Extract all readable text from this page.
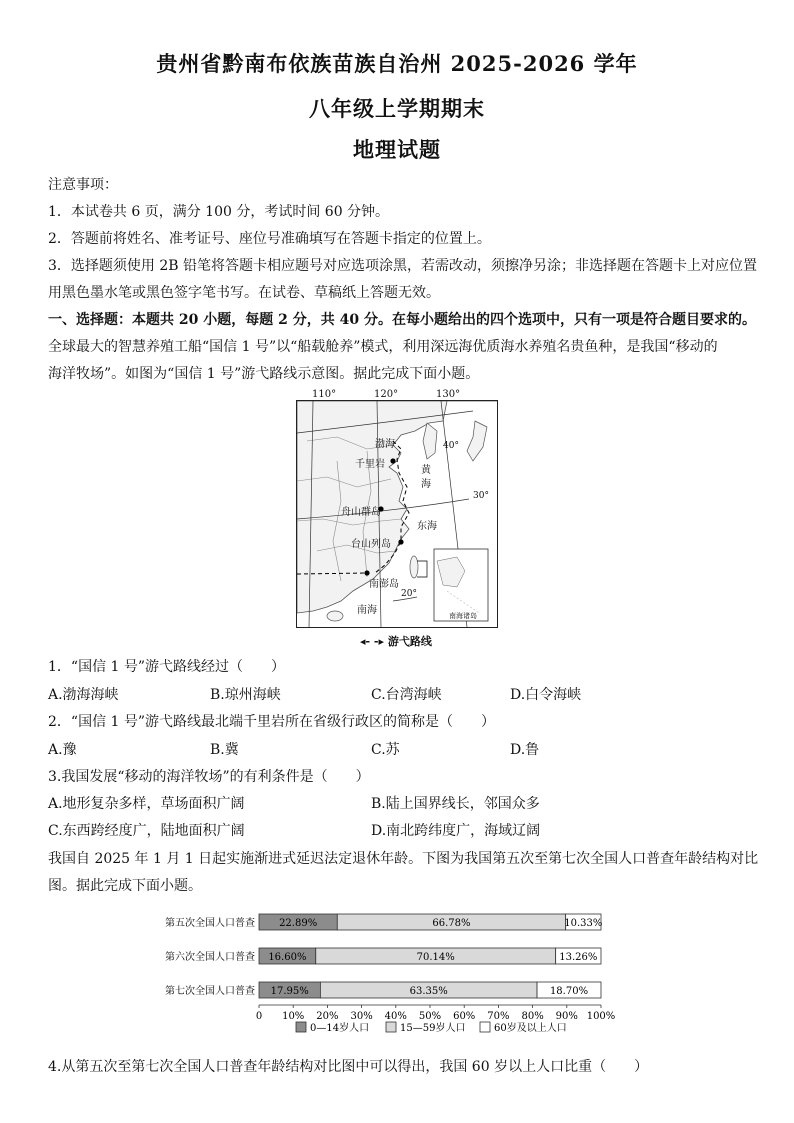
贵州省黔南布依族苗族自治州 2025-2026 学年
八年级上学期期末
地理试题
注意事项：
1．本试卷共 6 页，满分 100 分，考试时间 60 分钟。
2．答题前将姓名、准考证号、座位号准确填写在答题卡指定的位置上。
3．选择题须使用 2B 铅笔将答题卡相应题号对应选项涂黑，若需改动，须擦净另涂；非选择题在答题卡上对应位置
用黑色墨水笔或黑色签字笔书写。在试卷、草稿纸上答题无效。
一、选择题：本题共 20 小题，每题 2 分，共 40 分。在每小题给出的四个选项中，只有一项是符合题目要求的。
全球最大的智慧养殖工船“国信 1 号”以“船载舱养”模式，利用深远海优质海水养殖名贵鱼种，是我国“移动的
海洋牧场”。如图为“国信 1 号”游弋路线示意图。据此完成下面小题。
110°	120°	130°
渤海
千里岩
黄
海
舟山群岛
东海
台山列岛
南澎岛
南海
40°
30°
20°
南海诸岛
◂- -▸ 游弋路线
1．“国信 1 号”游弋路线经过（　　）
A.渤海海峡	B.琼州海峡	C.台湾海峡	D.白令海峡
2．“国信 1 号”游弋路线最北端千里岩所在省级行政区的简称是（　　）
A.豫	B.冀	C.苏	D.鲁
3.我国发展“移动的海洋牧场”的有利条件是（　　）
A.地形复杂多样，草场面积广阔	B.陆上国界线长，邻国众多
C.东西跨经度广，陆地面积广阔	D.南北跨纬度广，海域辽阔
我国自 2025 年 1 月 1 日起实施渐进式延迟法定退休年龄。下图为我国第五次至第七次全国人口普查年龄结构对比
图。据此完成下面小题。
第五次全国人口普查 22.89%	66.78%	10.33%
第六次全国人口普查 16.60%	70.14%	13.26%
第七次全国人口普查 17.95%	63.35%	18.70%
0 10% 20% 30% 40% 50% 60% 70% 80% 90% 100%
0—14岁人口	15—59岁人口	60岁及以上人口
4.从第五次至第七次全国人口普查年龄结构对比图中可以得出，我国 60 岁以上人口比重（　　）
